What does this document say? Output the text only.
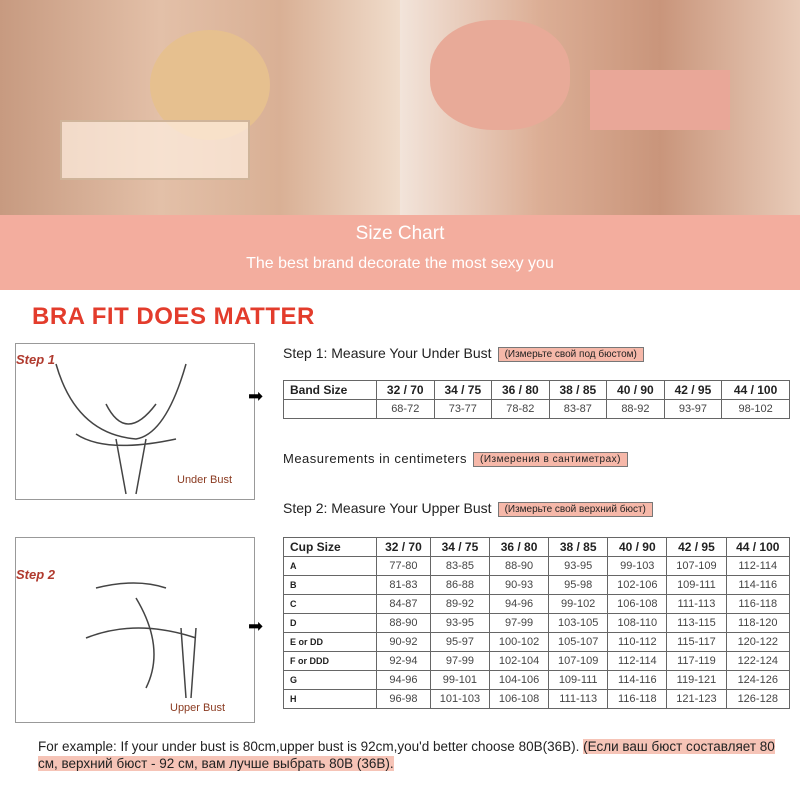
Size Chart
The best brand decorate the most sexy you
BRA FIT DOES MATTER
Step 1
Under Bust
➡
Step 2
Upper Bust
➡
Step 1: Measure Your Under Bust (Измерьте свой под бюстом)
Band Size	32 / 70	34 / 75	36 / 80	38 / 85	40 / 90	42 / 95	44 / 100
	68-72	73-77	78-82	83-87	88-92	93-97	98-102
Measurements in centimeters (Измерения в сантиметрах)
Step 2: Measure Your Upper Bust (Измерьте свой верхний бюст)
Cup Size	32 / 70	34 / 75	36 / 80	38 / 85	40 / 90	42 / 95	44 / 100
A	77-80	83-85	88-90	93-95	99-103	107-109	112-114
B	81-83	86-88	90-93	95-98	102-106	109-111	114-116
C	84-87	89-92	94-96	99-102	106-108	111-113	116-118
D	88-90	93-95	97-99	103-105	108-110	113-115	118-120
E or DD	90-92	95-97	100-102	105-107	110-112	115-117	120-122
F or DDD	92-94	97-99	102-104	107-109	112-114	117-119	122-124
G	94-96	99-101	104-106	109-111	114-116	119-121	124-126
H	96-98	101-103	106-108	111-113	116-118	121-123	126-128
For example: If your under bust is 80cm,upper bust is 92cm,you'd better choose 80B(36B). (Если ваш бюст составляет 80 см, верхний бюст - 92 см, вам лучше выбрать 80B (36B).
